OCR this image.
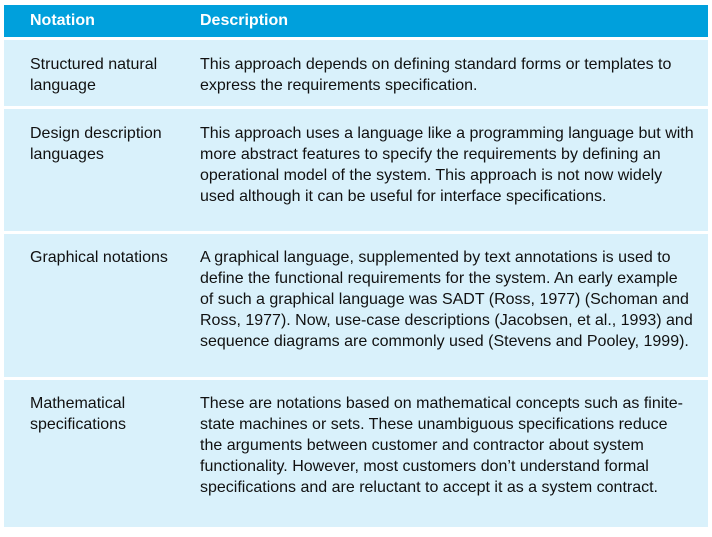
Notation	Description
Structured natural language
This approach depends on defining standard forms or templates to express the requirements specification.
Design description languages
This approach uses a language like a programming language but with more abstract features to specify the requirements by defining an operational model of the system. This approach is not now widely used although it can be useful for interface specifications.
Graphical notations	A graphical language, supplemented by text annotations is used to define the functional requirements for the system. An early example of such a graphical language was SADT (Ross, 1977) (Schoman and Ross, 1977). Now, use-case descriptions (Jacobsen, et al., 1993) and sequence diagrams are commonly used (Stevens and Pooley, 1999).
Mathematical specifications
These are notations based on mathematical concepts such as finite-state machines or sets. These unambiguous specifications reduce the arguments between customer and contractor about system functionality. However, most customers don’t understand formal specifications and are reluctant to accept it as a system contract.
